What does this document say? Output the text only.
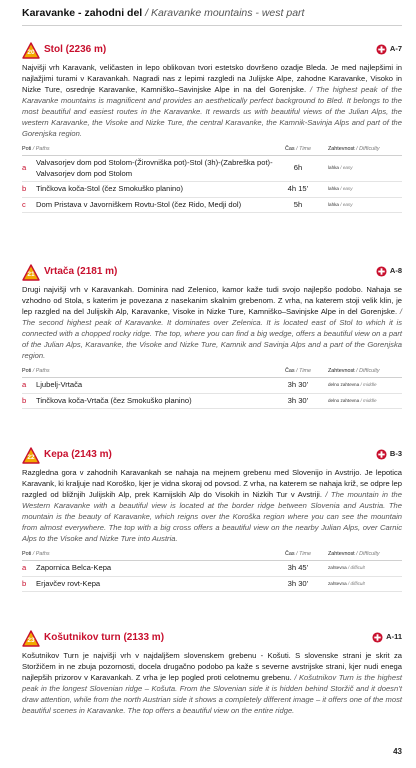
Karavanke - zahodni del / Karavanke mountains - west part
20 Stol (2236 m)	A-7

Najvišji vrh Karavank, veličasten in lepo oblikovan tvori estetsko dovršeno ozadje Bleda. Je med najlepšimi in najlažjimi turami v Karavankah. Nagradi nas z lepimi razgledi na Julijske Alpe, zahodne Karavanke, Visoko in Nizke Ture, osrednje Karavanke, Kamniško–Savinjske Alpe in na del Gorenjske. / The highest peak of the Karavanke mountains is magnificent and provides an aesthetically perfect background to Bled. It belongs to the most beautiful and easiest routes in the Karavanke. It rewards us with beautiful views of the Julian Alps, the western Karavanke, the Visoke and Nizke Ture, the central Karavanke, the Kamnik-Savinja Alps and part of the Gorenjska region.

Poti / Paths		Čas / Time	Zahtevnost / Difficulty
a	Valvasorjev dom pod Stolom-(Žirovniška pot)-Stol (3h)-(Zabreška pot)-Valvasorjev dom pod Stolom	6h	lahka / easy
b	Tinčkova koča-Stol (čez Smokuško planino)	4h 15’	lahka / easy
c	Dom Pristava v Javorniškem Rovtu-Stol (čez Rido, Medji dol)	5h	lahka / easy
21 Vrtača (2181 m)	A-8

Drugi najvišji vrh v Karavankah. Dominira nad Zelenico, kamor kaže tudi svojo najlepšo podobo. Nahaja se vzhodno od Stola, s katerim je povezana z nasekanim skalnim grebenom. Z vrha, na katerem stoji velik klin, je lep razgled na del Julijskih Alp, Karavanke, Visoke in Nizke Ture, Kamniško–Savinjske Alpe in del Gorenjske. / The second highest peak of Karavanke. It dominates over Zelenica. It is located east of Stol to which it is connected with a chopped rocky ridge. The top, where you can find a big wedge, offers a beautiful view on a part of the Julian Alps, Karavanke, the Visoke and Nizke Ture, Kamnik and Savinja Alps and a part of the Gorenjska region.

Poti / Paths		Čas / Time	Zahtevnost / Difficulty
a	Ljubelj-Vrtača	3h 30’	delno zahtevna / middle
b	Tinčkova koča-Vrtača (čez Smokuško planino)	3h 30’	delno zahtevna / middle
22 Kepa (2143 m)	B-3

Razgledna gora v zahodnih Karavankah se nahaja na mejnem grebenu med Slovenijo in Avstrijo. Je lepotica Karavank, ki kraljuje nad Koroško, kjer je vidna skoraj od povsod. Z vrha, na katerem se nahaja križ, se odpre lep razgled od bližnjih Julijskih Alp, prek Karnijskih Alp do Visokih in Nizkih Tur v Avstriji. / The mountain in the Western Karavanke with a beautiful view is located at the border ridge between Slovenia and Austria. The mountain is the beauty of Karavanke, which reigns over the Koroška region where you can see the mountain from almost everywhere. The top with a big cross offers a beautiful view on the nearby Julian Alps, over Carnic Alps to the Visoke and Nizke Ture into Austria.

Poti / Paths		Čas / Time	Zahtevnost / Difficulty
a	Zapornica Belca-Kepa	3h 45’	zahtevna / difficult
b	Erjavčev rovt-Kepa	3h 30’	zahtevna / difficult
23 Košutnikov turn (2133 m)	A-11

Košutnikov Turn je najvišji vrh v najdaljšem slovenskem grebenu - Košuti. S slovenske strani je skrit za Storžičem in ne zbuja pozornosti, docela drugačno podobo pa kaže s severne avstrijske strani, kjer nudi enega najlepših prizorov v Karavankah. Z vrha je lep pogled proti celotnemu grebenu. / Košutnikov Turn is the highest peak in the longest Slovenian ridge – Košuta. From the Slovenian side it is hidden behind Storžič and it doesn’t draw attention, while from the north Austrian side it shows a completely different image – it offers one of the most beautiful scenes in Karavanke. The top offers a beautiful view on the entire ridge.

43
